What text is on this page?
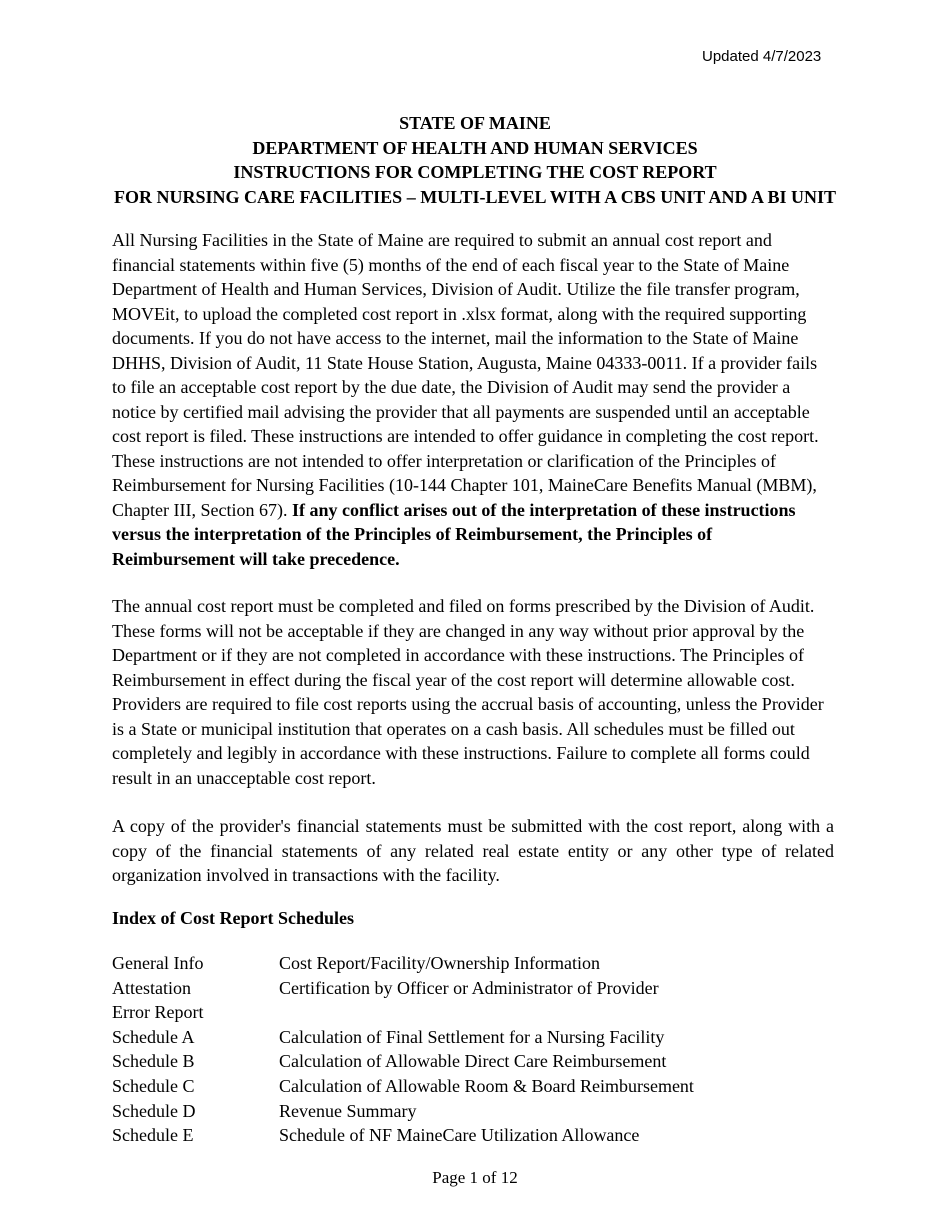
Updated 4/7/2023
STATE OF MAINE
DEPARTMENT OF HEALTH AND HUMAN SERVICES
INSTRUCTIONS FOR COMPLETING THE COST REPORT
FOR NURSING CARE FACILITIES – MULTI-LEVEL WITH A CBS UNIT AND A BI UNIT

All Nursing Facilities in the State of Maine are required to submit an annual cost report and financial statements within five (5) months of the end of each fiscal year to the State of Maine Department of Health and Human Services, Division of Audit. Utilize the file transfer program, MOVEit, to upload the completed cost report in .xlsx format, along with the required supporting documents. If you do not have access to the internet, mail the information to the State of Maine DHHS, Division of Audit, 11 State House Station, Augusta, Maine 04333-0011. If a provider fails to file an acceptable cost report by the due date, the Division of Audit may send the provider a notice by certified mail advising the provider that all payments are suspended until an acceptable cost report is filed. These instructions are intended to offer guidance in completing the cost report. These instructions are not intended to offer interpretation or clarification of the Principles of Reimbursement for Nursing Facilities (10-144 Chapter 101, MaineCare Benefits Manual (MBM), Chapter III, Section 67). If any conflict arises out of the interpretation of these instructions versus the interpretation of the Principles of Reimbursement, the Principles of Reimbursement will take precedence.

The annual cost report must be completed and filed on forms prescribed by the Division of Audit. These forms will not be acceptable if they are changed in any way without prior approval by the Department or if they are not completed in accordance with these instructions. The Principles of Reimbursement in effect during the fiscal year of the cost report will determine allowable cost. Providers are required to file cost reports using the accrual basis of accounting, unless the Provider is a State or municipal institution that operates on a cash basis. All schedules must be filled out completely and legibly in accordance with these instructions. Failure to complete all forms could result in an unacceptable cost report.

A copy of the provider's financial statements must be submitted with the cost report, along with a copy of the financial statements of any related real estate entity or any other type of related organization involved in transactions with the facility.

Index of Cost Report Schedules
General Info	Cost Report/Facility/Ownership Information
Attestation	Certification by Officer or Administrator of Provider
Error Report
Schedule A	Calculation of Final Settlement for a Nursing Facility
Schedule B	Calculation of Allowable Direct Care Reimbursement
Schedule C	Calculation of Allowable Room & Board Reimbursement
Schedule D	Revenue Summary
Schedule E	Schedule of NF MaineCare Utilization Allowance
Page 1 of 12
